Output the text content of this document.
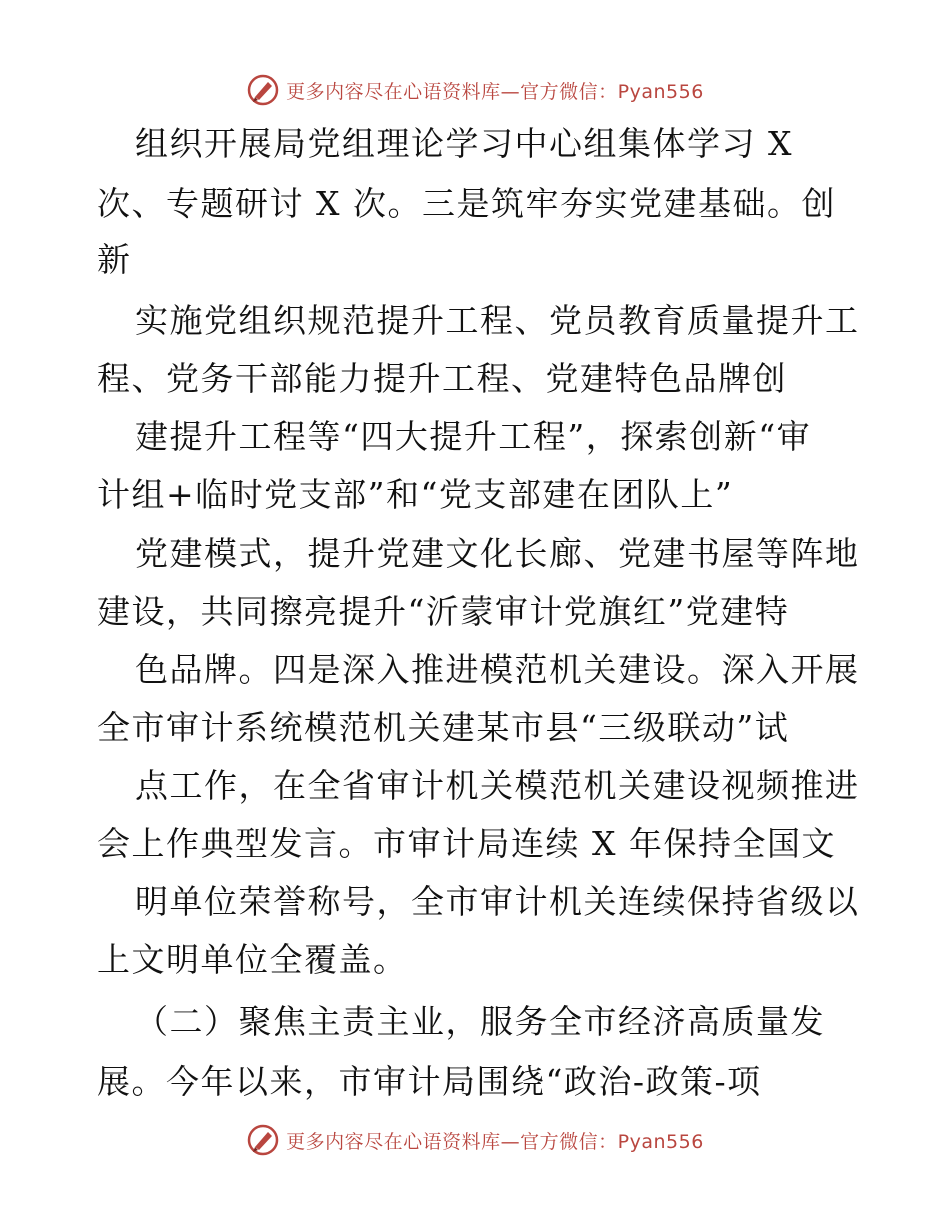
更多内容尽在心语资料库—官方微信：Pyan556
组织开展局党组理论学习中心组集体学习 X
次、专题研讨 X 次。三是筑牢夯实党建基础。创
新
实施党组织规范提升工程、党员教育质量提升工
程、党务干部能力提升工程、党建特色品牌创
建提升工程等“四大提升工程”，探索创新“审
计组+临时党支部”和“党支部建在团队上”
党建模式，提升党建文化长廊、党建书屋等阵地
建设，共同擦亮提升“沂蒙审计党旗红”党建特
色品牌。四是深入推进模范机关建设。深入开展
全市审计系统模范机关建某市县“三级联动”试
点工作，在全省审计机关模范机关建设视频推进
会上作典型发言。市审计局连续 X 年保持全国文
明单位荣誉称号，全市审计机关连续保持省级以
上文明单位全覆盖。
（二）聚焦主责主业，服务全市经济高质量发
展。今年以来，市审计局围绕“政治-政策-项
更多内容尽在心语资料库—官方微信：Pyan556
